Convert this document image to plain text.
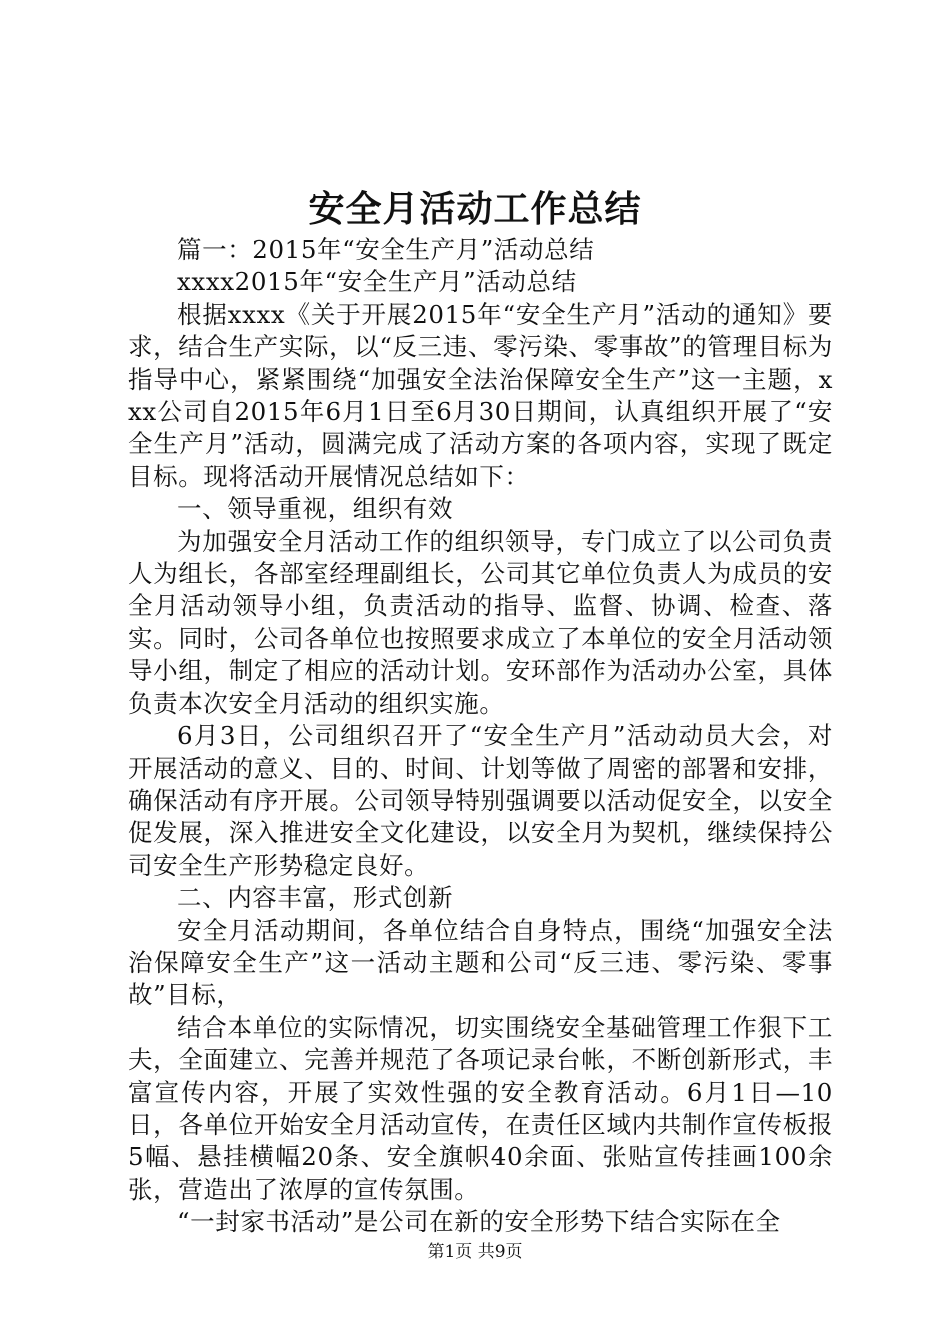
安全月活动工作总结

篇一：2015年“安全生产月”活动总结

xxxx2015年“安全生产月”活动总结

根据xxxx《关于开展2015年“安全生产月”活动的通知》要求，结合生产实际，以“反三违、零污染、零事故”的管理目标为指导中心，紧紧围绕“加强安全法治保障安全生产”这一主题，xxx公司自2015年6月1日至6月30日期间，认真组织开展了“安全生产月”活动，圆满完成了活动方案的各项内容，实现了既定目标。现将活动开展情况总结如下：

一、领导重视，组织有效

为加强安全月活动工作的组织领导，专门成立了以公司负责人为组长，各部室经理副组长，公司其它单位负责人为成员的安全月活动领导小组，负责活动的指导、监督、协调、检查、落实。同时，公司各单位也按照要求成立了本单位的安全月活动领导小组，制定了相应的活动计划。安环部作为活动办公室，具体负责本次安全月活动的组织实施。

6月3日，公司组织召开了“安全生产月”活动动员大会，对开展活动的意义、目的、时间、计划等做了周密的部署和安排，确保活动有序开展。公司领导特别强调要以活动促安全，以安全促发展，深入推进安全文化建设，以安全月为契机，继续保持公司安全生产形势稳定良好。

二、内容丰富，形式创新

安全月活动期间，各单位结合自身特点，围绕“加强安全法治保障安全生产”这一活动主题和公司“反三违、零污染、零事故”目标，

结合本单位的实际情况，切实围绕安全基础管理工作狠下工夫，全面建立、完善并规范了各项记录台帐，不断创新形式，丰富宣传内容，开展了实效性强的安全教育活动。6月1日—10日，各单位开始安全月活动宣传，在责任区域内共制作宣传板报5幅、悬挂横幅20条、安全旗帜40余面、张贴宣传挂画100余张，营造出了浓厚的宣传氛围。

“一封家书活动”是公司在新的安全形势下结合实际在全

第1页 共9页
